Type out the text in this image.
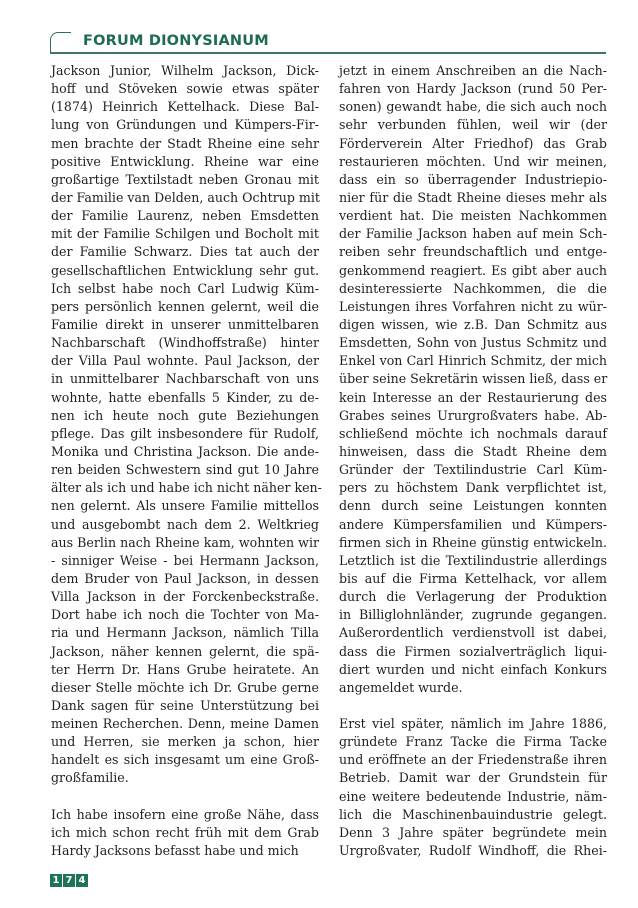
FORUM DIONYSIANUM
Jackson Junior, Wilhelm Jackson, Dick-
hoff und Stöveken sowie etwas später
(1874) Heinrich Kettelhack. Diese Bal-
lung von Gründungen und Kümpers-Fir-
men brachte der Stadt Rheine eine sehr
positive Entwicklung. Rheine war eine
großartige Textilstadt neben Gronau mit
der Familie van Delden, auch Ochtrup mit
der Familie Laurenz, neben Emsdetten
mit der Familie Schilgen und Bocholt mit
der Familie Schwarz. Dies tat auch der
gesellschaftlichen Entwicklung sehr gut.
Ich selbst habe noch Carl Ludwig Küm-
pers persönlich kennen gelernt, weil die
Familie direkt in unserer unmittelbaren
Nachbarschaft (Windhoffstraße) hinter
der Villa Paul wohnte. Paul Jackson, der
in unmittelbarer Nachbarschaft von uns
wohnte, hatte ebenfalls 5 Kinder, zu de-
nen ich heute noch gute Beziehungen
pflege. Das gilt insbesondere für Rudolf,
Monika und Christina Jackson. Die ande-
ren beiden Schwestern sind gut 10 Jahre
älter als ich und habe ich nicht näher ken-
nen gelernt. Als unsere Familie mittellos
und ausgebombt nach dem 2. Weltkrieg
aus Berlin nach Rheine kam, wohnten wir
- sinniger Weise - bei Hermann Jackson,
dem Bruder von Paul Jackson, in dessen
Villa Jackson in der Forckenbeckstraße.
Dort habe ich noch die Tochter von Ma-
ria und Hermann Jackson, nämlich Tilla
Jackson, näher kennen gelernt, die spä-
ter Herrn Dr. Hans Grube heiratete. An
dieser Stelle möchte ich Dr. Grube gerne
Dank sagen für seine Unterstützung bei
meinen Recherchen. Denn, meine Damen
und Herren, sie merken ja schon, hier
handelt es sich insgesamt um eine Groß-
großfamilie.
Ich habe insofern eine große Nähe, dass
ich mich schon recht früh mit dem Grab
Hardy Jacksons befasst habe und mich
jetzt in einem Anschreiben an die Nach-
fahren von Hardy Jackson (rund 50 Per-
sonen) gewandt habe, die sich auch noch
sehr verbunden fühlen, weil wir (der
Förderverein Alter Friedhof) das Grab
restaurieren möchten. Und wir meinen,
dass ein so überragender Industriepio-
nier für die Stadt Rheine dieses mehr als
verdient hat. Die meisten Nachkommen
der Familie Jackson haben auf mein Sch-
reiben sehr freundschaftlich und entge-
genkommend reagiert. Es gibt aber auch
desinteressierte Nachkommen, die die
Leistungen ihres Vorfahren nicht zu wür-
digen wissen, wie z.B. Dan Schmitz aus
Emsdetten, Sohn von Justus Schmitz und
Enkel von Carl Hinrich Schmitz, der mich
über seine Sekretärin wissen ließ, dass er
kein Interesse an der Restaurierung des
Grabes seines Ururgroßvaters habe. Ab-
schließend möchte ich nochmals darauf
hinweisen, dass die Stadt Rheine dem
Gründer der Textilindustrie Carl Küm-
pers zu höchstem Dank verpflichtet ist,
denn durch seine Leistungen konnten
andere Kümpersfamilien und Kümpers-
firmen sich in Rheine günstig entwickeln.
Letztlich ist die Textilindustrie allerdings
bis auf die Firma Kettelhack, vor allem
durch die Verlagerung der Produktion
in Billiglohnländer, zugrunde gegangen.
Außerordentlich verdienstvoll ist dabei,
dass die Firmen sozialverträglich liqui-
diert wurden und nicht einfach Konkurs
angemeldet wurde.
Erst viel später, nämlich im Jahre 1886,
gründete Franz Tacke die Firma Tacke
und eröffnete an der Friedenstraße ihren
Betrieb. Damit war der Grundstein für
eine weitere bedeutende Industrie, näm-
lich die Maschinenbauindustrie gelegt.
Denn 3 Jahre später begründete mein
Urgroßvater, Rudolf Windhoff, die Rhei-
1 7 4
